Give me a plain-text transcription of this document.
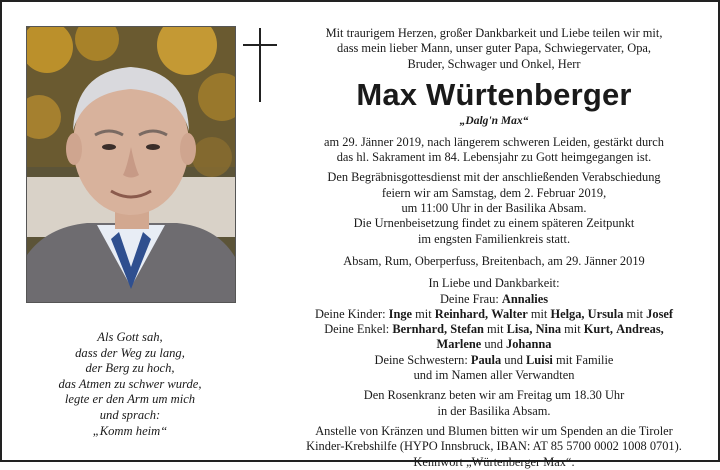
Als Gott sah,
dass der Weg zu lang,
der Berg zu hoch,
das Atmen zu schwer wurde,
legte er den Arm um mich
und sprach:
„Komm heim“
Mit traurigem Herzen, großer Dankbarkeit und Liebe teilen wir mit,
dass mein lieber Mann, unser guter Papa, Schwiegervater, Opa,
Bruder, Schwager und Onkel, Herr
Max Würtenberger
„Dalg'n Max“
am 29. Jänner 2019, nach längerem schweren Leiden, gestärkt durch
das hl. Sakrament im 84. Lebensjahr zu Gott heimgegangen ist.
Den Begräbnisgottesdienst mit der anschließenden Verabschiedung
feiern wir am Samstag, dem 2. Februar 2019,
um 11:00 Uhr in der Basilika Absam.
Die Urnenbeisetzung findet zu einem späteren Zeitpunkt
im engsten Familienkreis statt.
Absam, Rum, Oberperfuss, Breitenbach, am 29. Jänner 2019
In Liebe und Dankbarkeit:
Deine Frau: Annalies
Deine Kinder: Inge mit Reinhard, Walter mit Helga, Ursula mit Josef
Deine Enkel: Bernhard, Stefan mit Lisa, Nina mit Kurt, Andreas,
Marlene und Johanna
Deine Schwestern: Paula und Luisi mit Familie
und im Namen aller Verwandten
Den Rosenkranz beten wir am Freitag um 18.30 Uhr
in der Basilika Absam.
Anstelle von Kränzen und Blumen bitten wir um Spenden an die Tiroler
Kinder-Krebshilfe (HYPO Innsbruck, IBAN: AT 85 5700 0002 1008 0701).
Kennwort „Würtenberger Max“.
